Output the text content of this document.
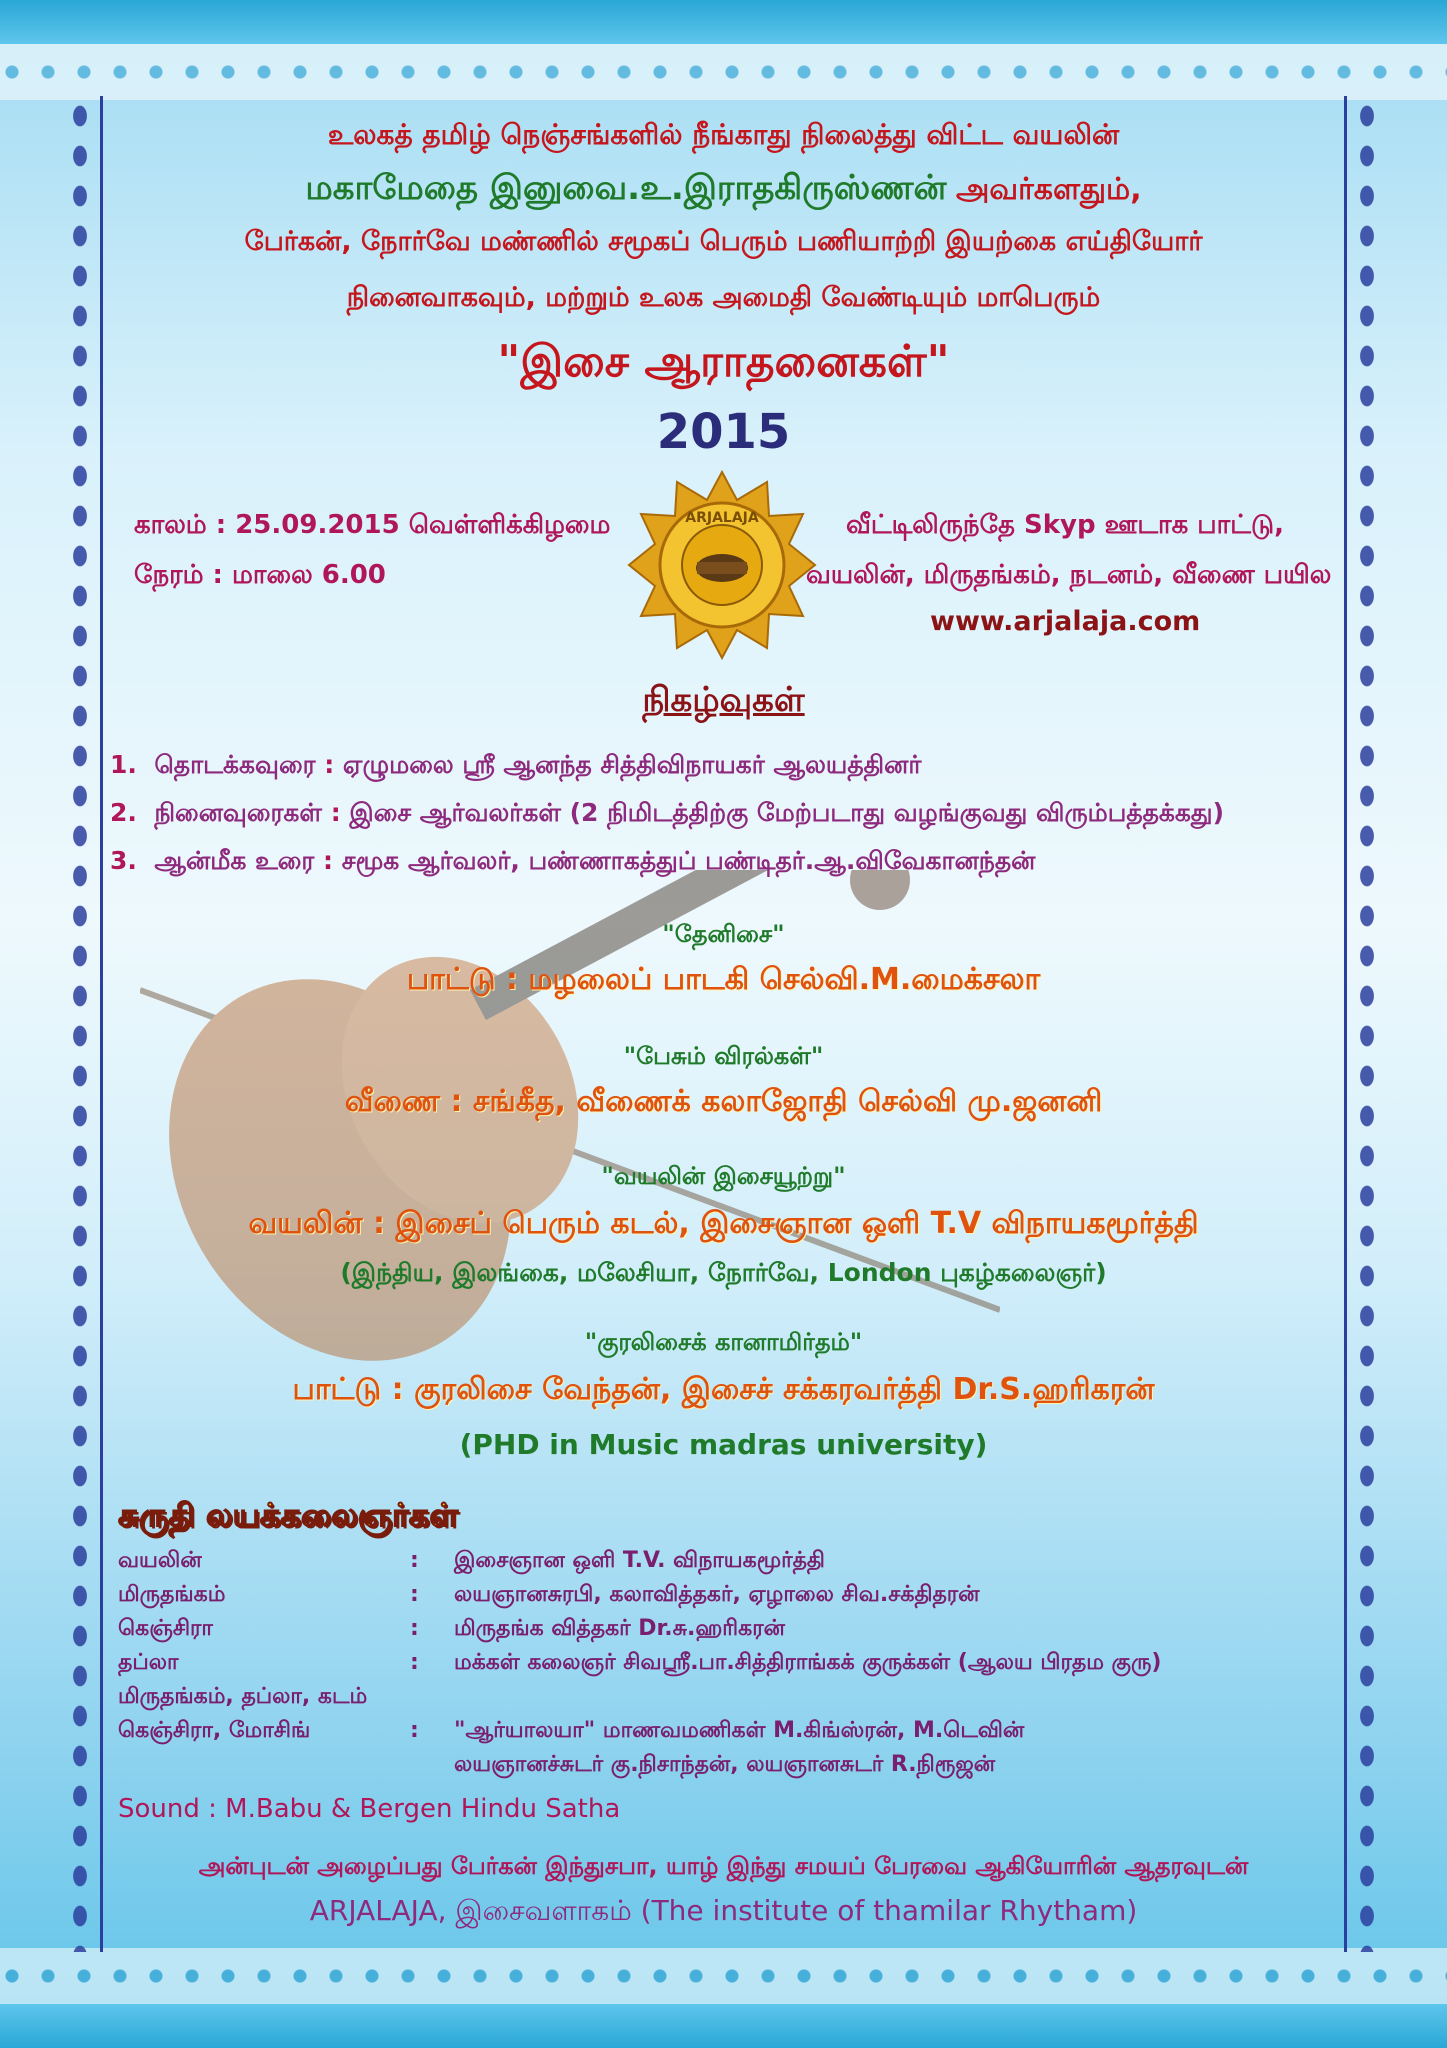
உலகத் தமிழ் நெஞ்சங்களில் நீங்காது நிலைத்து விட்ட வயலின்
மகாமேதை இனுவை.உ.இராதகிருஸ்ணன் அவர்களதும்,
பேர்கன், நோர்வே மண்ணில் சமூகப் பெரும் பணியாற்றி இயற்கை எய்தியோர்
நினைவாகவும், மற்றும் உலக அமைதி வேண்டியும் மாபெரும்
"இசை ஆராதனைகள்"
2015
காலம் : 25.09.2015 வெள்ளிக்கிழமை
நேரம் : மாலை 6.00
ARJALAJA	வீட்டிலிருந்தே Skyp ஊடாக பாட்டு,
வயலின், மிருதங்கம், நடனம், வீணை பயில
www.arjalaja.com
நிகழ்வுகள்
1. தொடக்கவுரை : ஏழுமலை ஸ்ரீ ஆனந்த சித்திவிநாயகர் ஆலயத்தினர்
2. நினைவுரைகள் : இசை ஆர்வலர்கள் (2 நிமிடத்திற்கு மேற்படாது வழங்குவது விரும்பத்தக்கது)
3. ஆன்மீக உரை : சமூக ஆர்வலர், பண்ணாகத்துப் பண்டிதர்.ஆ.விவேகானந்தன்
"தேனிசை"
பாட்டு : மழலைப் பாடகி செல்வி.M.மைக்சலா
"பேசும் விரல்கள்"
வீணை : சங்கீத, வீணைக் கலாஜோதி செல்வி மு.ஜனனி
"வயலின் இசையூற்று"
வயலின் : இசைப் பெரும் கடல், இசைஞான ஒளி T.V விநாயகமூர்த்தி
(இந்திய, இலங்கை, மலேசியா, நோர்வே, London புகழ்கலைஞர்)
"குரலிசைக் கானாமிர்தம்"
பாட்டு : குரலிசை வேந்தன், இசைச் சக்கரவர்த்தி Dr.S.ஹரிகரன்
(PHD in Music madras university)
சுருதி லயக்கலைஞர்கள்
வயலின்	: இசைஞான ஒளி T.V. விநாயகமூர்த்தி
மிருதங்கம்	: லயஞானசுரபி, கலாவித்தகர், ஏழாலை சிவ.சக்திதரன்
கெஞ்சிரா	: மிருதங்க வித்தகர் Dr.சு.ஹரிகரன்
தப்லா	: மக்கள் கலைஞர் சிவஸ்ரீ.பா.சித்திராங்கக் குருக்கள் (ஆலய பிரதம குரு)
மிருதங்கம், தப்லா, கடம்
கெஞ்சிரா, மோசிங்	: "ஆர்யாலயா" மாணவமணிகள் M.கிங்ஸ்ரன், M.டெவின்
லயஞானச்சுடர் கு.நிசாந்தன், லயஞானசுடர் R.நிரூஜன்
Sound : M.Babu & Bergen Hindu Satha
அன்புடன் அழைப்பது பேர்கன் இந்துசபா, யாழ் இந்து சமயப் பேரவை ஆகியோரின் ஆதரவுடன்
ARJALAJA, இசைவளாகம் (The institute of thamilar Rhytham)
